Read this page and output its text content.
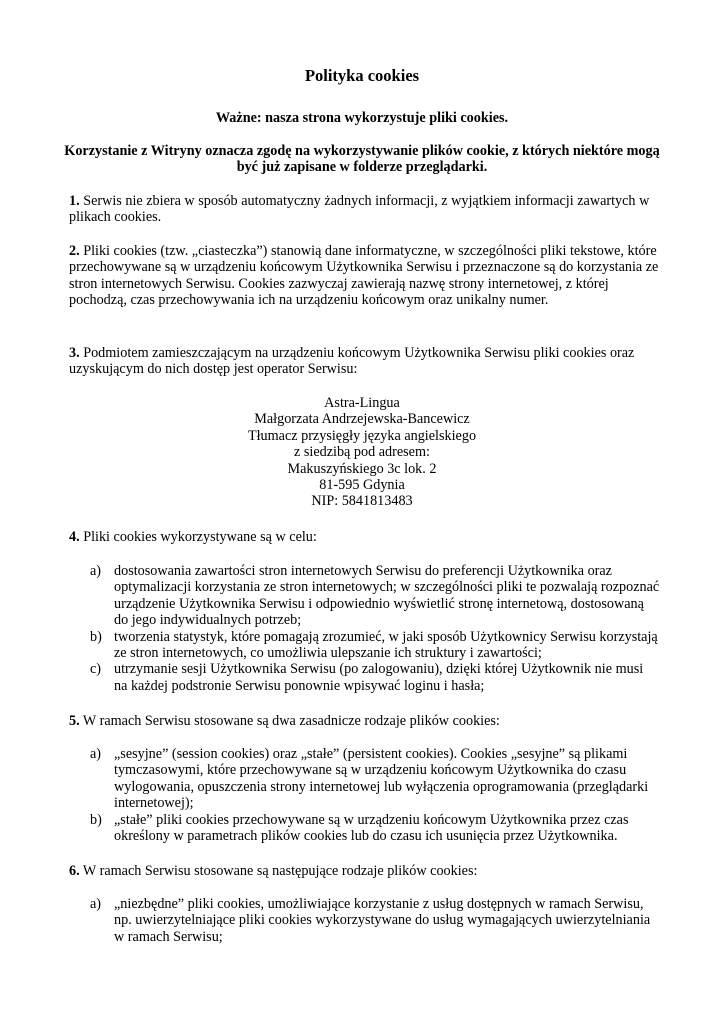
Polityka cookies
Ważne: nasza strona wykorzystuje pliki cookies.
Korzystanie z Witryny oznacza zgodę na wykorzystywanie plików cookie, z których niektóre mogą być już zapisane w folderze przeglądarki.
1. Serwis nie zbiera w sposób automatyczny żadnych informacji, z wyjątkiem informacji zawartych w plikach cookies.
2. Pliki cookies (tzw. „ciasteczka”) stanowią dane informatyczne, w szczególności pliki tekstowe, które przechowywane są w urządzeniu końcowym Użytkownika Serwisu i przeznaczone są do korzystania ze stron internetowych Serwisu. Cookies zazwyczaj zawierają nazwę strony internetowej, z której pochodzą, czas przechowywania ich na urządzeniu końcowym oraz unikalny numer.
3. Podmiotem zamieszczającym na urządzeniu końcowym Użytkownika Serwisu pliki cookies oraz uzyskującym do nich dostęp jest operator Serwisu:
Astra-Lingua
Małgorzata Andrzejewska-Bancewicz
Tłumacz przysięgły języka angielskiego
z siedzibą pod adresem:
Makuszyńskiego 3c lok. 2
81-595 Gdynia
NIP: 5841813483
4. Pliki cookies wykorzystywane są w celu:
a) dostosowania zawartości stron internetowych Serwisu do preferencji Użytkownika oraz optymalizacji korzystania ze stron internetowych; w szczególności pliki te pozwalają rozpoznać urządzenie Użytkownika Serwisu i odpowiednio wyświetlić stronę internetową, dostosowaną do jego indywidualnych potrzeb;
b) tworzenia statystyk, które pomagają zrozumieć, w jaki sposób Użytkownicy Serwisu korzystają ze stron internetowych, co umożliwia ulepszanie ich struktury i zawartości;
c) utrzymanie sesji Użytkownika Serwisu (po zalogowaniu), dzięki której Użytkownik nie musi na każdej podstronie Serwisu ponownie wpisywać loginu i hasła;
5. W ramach Serwisu stosowane są dwa zasadnicze rodzaje plików cookies:
a) „sesyjne” (session cookies) oraz „stałe” (persistent cookies). Cookies „sesyjne” są plikami tymczasowymi, które przechowywane są w urządzeniu końcowym Użytkownika do czasu wylogowania, opuszczenia strony internetowej lub wyłączenia oprogramowania (przeglądarki internetowej);
b) „stałe” pliki cookies przechowywane są w urządzeniu końcowym Użytkownika przez czas określony w parametrach plików cookies lub do czasu ich usunięcia przez Użytkownika.
6. W ramach Serwisu stosowane są następujące rodzaje plików cookies:
a) „niezbędne” pliki cookies, umożliwiające korzystanie z usług dostępnych w ramach Serwisu, np. uwierzytelniające pliki cookies wykorzystywane do usług wymagających uwierzytelniania w ramach Serwisu;
